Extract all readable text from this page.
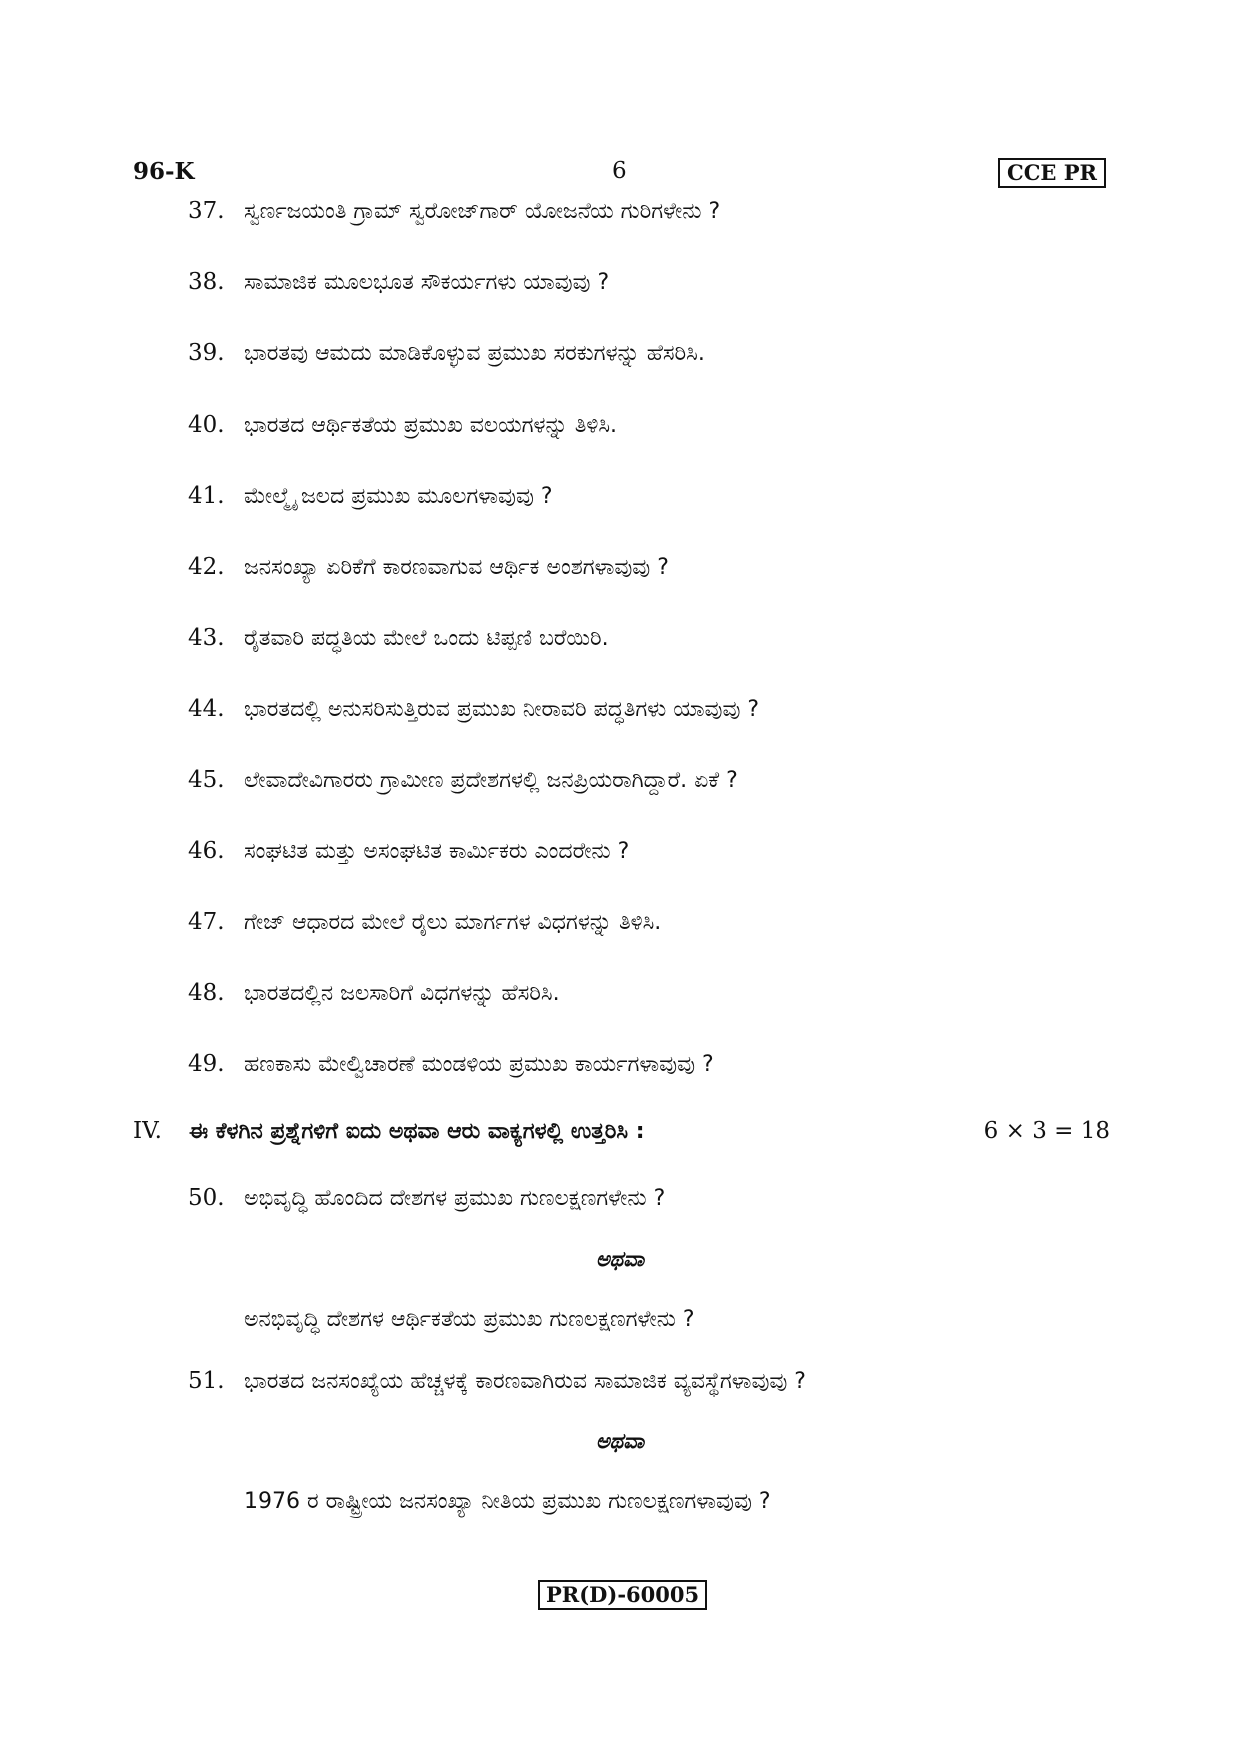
96-K	6	CCE PR
37. ಸ್ವರ್ಣಜಯಂತಿ ಗ್ರಾಮ್ ಸ್ವರೋಜ್‌ಗಾರ್ ಯೋಜನೆಯ ಗುರಿಗಳೇನು ?
38. ಸಾಮಾಜಿಕ ಮೂಲಭೂತ ಸೌಕರ್ಯಗಳು ಯಾವುವು ?
39. ಭಾರತವು ಆಮದು ಮಾಡಿಕೊಳ್ಳುವ ಪ್ರಮುಖ ಸರಕುಗಳನ್ನು ಹೆಸರಿಸಿ.
40. ಭಾರತದ ಆರ್ಥಿಕತೆಯ ಪ್ರಮುಖ ವಲಯಗಳನ್ನು ತಿಳಿಸಿ.
41. ಮೇಲ್ಮೈ ಜಲದ ಪ್ರಮುಖ ಮೂಲಗಳಾವುವು ?
42. ಜನಸಂಖ್ಯಾ ಏರಿಕೆಗೆ ಕಾರಣವಾಗುವ ಆರ್ಥಿಕ ಅಂಶಗಳಾವುವು ?
43. ರೈತವಾರಿ ಪದ್ಧತಿಯ ಮೇಲೆ ಒಂದು ಟಿಪ್ಪಣಿ ಬರೆಯಿರಿ.
44. ಭಾರತದಲ್ಲಿ ಅನುಸರಿಸುತ್ತಿರುವ ಪ್ರಮುಖ ನೀರಾವರಿ ಪದ್ಧತಿಗಳು ಯಾವುವು ?
45. ಲೇವಾದೇವಿಗಾರರು ಗ್ರಾಮೀಣ ಪ್ರದೇಶಗಳಲ್ಲಿ ಜನಪ್ರಿಯರಾಗಿದ್ದಾರೆ. ಏಕೆ ?
46. ಸಂಘಟಿತ ಮತ್ತು ಅಸಂಘಟಿತ ಕಾರ್ಮಿಕರು ಎಂದರೇನು ?
47. ಗೇಜ್ ಆಧಾರದ ಮೇಲೆ ರೈಲು ಮಾರ್ಗಗಳ ವಿಧಗಳನ್ನು ತಿಳಿಸಿ.
48. ಭಾರತದಲ್ಲಿನ ಜಲಸಾರಿಗೆ ವಿಧಗಳನ್ನು ಹೆಸರಿಸಿ.
49. ಹಣಕಾಸು ಮೇಲ್ವಿಚಾರಣೆ ಮಂಡಳಿಯ ಪ್ರಮುಖ ಕಾರ್ಯಗಳಾವುವು ?
IV. ಈ ಕೆಳಗಿನ ಪ್ರಶ್ನೆಗಳಿಗೆ ಐದು ಅಥವಾ ಆರು ವಾಕ್ಯಗಳಲ್ಲಿ ಉತ್ತರಿಸಿ :	6 × 3 = 18
50. ಅಭಿವೃದ್ಧಿ ಹೊಂದಿದ ದೇಶಗಳ ಪ್ರಮುಖ ಗುಣಲಕ್ಷಣಗಳೇನು ?
ಅಥವಾ
ಅನಭಿವೃದ್ಧಿ ದೇಶಗಳ ಆರ್ಥಿಕತೆಯ ಪ್ರಮುಖ ಗುಣಲಕ್ಷಣಗಳೇನು ?
51. ಭಾರತದ ಜನಸಂಖ್ಯೆಯ ಹೆಚ್ಚಳಕ್ಕೆ ಕಾರಣವಾಗಿರುವ ಸಾಮಾಜಿಕ ವ್ಯವಸ್ಥೆಗಳಾವುವು ?
ಅಥವಾ
1976 ರ ರಾಷ್ಟ್ರೀಯ ಜನಸಂಖ್ಯಾ ನೀತಿಯ ಪ್ರಮುಖ ಗುಣಲಕ್ಷಣಗಳಾವುವು ?
PR(D)-60005
